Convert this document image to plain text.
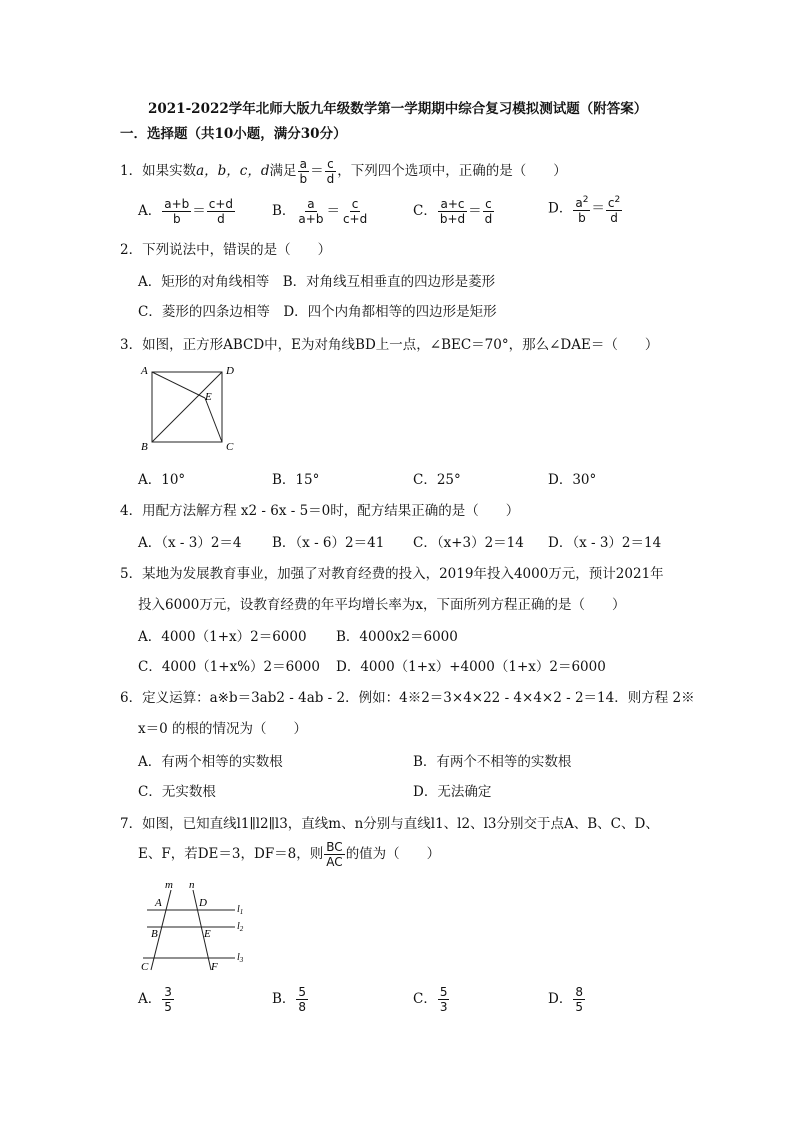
2021-2022学年北师大版九年级数学第一学期期中综合复习模拟测试题（附答案）
一．选择题（共10小题，满分30分）
1．如果实数a，b，c，d满足 $\frac{a}{b} = \frac{c}{d}$ ，下列四个选项中，正确的是（　　）
A． $\frac{a+b}{b} = \frac{c+d}{d}$	B． $\frac{a}{a+b} = \frac{c}{c+d}$	C． $\frac{a+c}{b+d} = \frac{c}{d}$	D． $\frac{a^2}{b} = \frac{c^2}{d}$
2．下列说法中，错误的是（　　）
A．矩形的对角线相等　B．对角线互相垂直的四边形是菱形
C．菱形的四条边相等　D．四个内角都相等的四边形是矩形
3．如图，正方形ABCD中，E为对角线BD上一点，∠BEC＝70°，那么∠DAE＝（　　）
A	D
B	C
E
A．10°	B．15°	C．25°	D．30°
4．用配方法解方程 x2 - 6x - 5＝0时，配方结果正确的是（　　）
A．（x - 3）2＝4 B．（x - 6）2＝41 C．（x+3）2＝14 D．（x - 3）2＝14
5．某地为发展教育事业，加强了对教育经费的投入，2019年投入4000万元，预计2021年
投入6000万元，设教育经费的年平均增长率为x，下面所列方程正确的是（　　）
A．4000（1+x）2＝6000 B．4000x2＝6000
C．4000（1+x%）2＝6000 D．4000（1+x）+4000（1+x）2＝6000
6．定义运算：a※b＝3ab2 - 4ab - 2．例如：4※2＝3×4×22 - 4×4×2 - 2＝14．则方程 2※
x＝0 的根的情况为（　　）
A．有两个相等的实数根	B．有两个不相等的实数根
C．无实数根	D．无法确定
7．如图，已知直线l1∥l2∥l3，直线m、n分别与直线l1、l2、l3分别交于点A、B、C、D、
E、F，若DE＝3，DF＝8，则 $\frac{BC}{AC}$ 的值为（　　）
m n
A	D
B	E
C	F
$l_1$
$l_2$
$l_3$
A． $\frac{3}{5}$	B． $\frac{5}{8}$	C． $\frac{5}{3}$	D． $\frac{8}{5}$
